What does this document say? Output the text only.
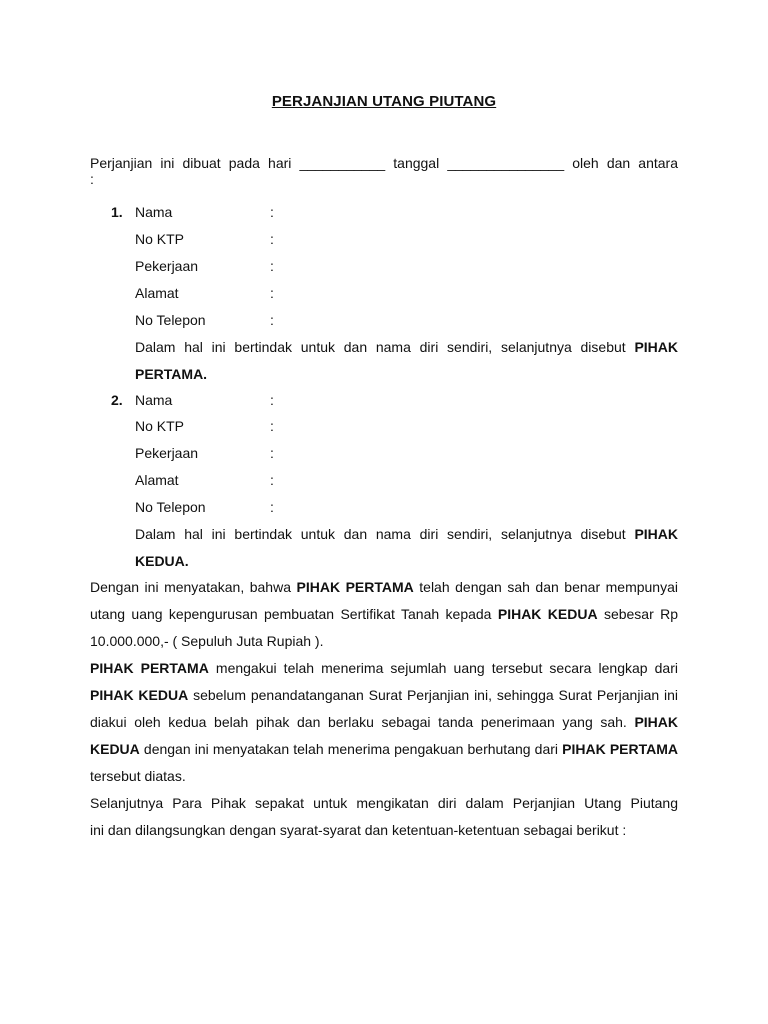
PERJANJIAN UTANG PIUTANG
Perjanjian ini dibuat pada hari ___________ tanggal _______________ oleh dan antara
:
1. Nama	:
No KTP	:
Pekerjaan	:
Alamat	:
No Telepon	:
Dalam hal ini bertindak untuk dan nama diri sendiri, selanjutnya disebut PIHAK PERTAMA.
2. Nama	:
No KTP	:
Pekerjaan	:
Alamat	:
No Telepon	:
Dalam hal ini bertindak untuk dan nama diri sendiri, selanjutnya disebut PIHAK KEDUA.
Dengan ini menyatakan, bahwa PIHAK PERTAMA telah dengan sah dan benar mempunyai utang uang kepengurusan pembuatan Sertifikat Tanah kepada PIHAK KEDUA sebesar Rp 10.000.000,- ( Sepuluh Juta Rupiah ).
PIHAK PERTAMA mengakui telah menerima sejumlah uang tersebut secara lengkap dari PIHAK KEDUA sebelum penandatanganan Surat Perjanjian ini, sehingga Surat Perjanjian ini diakui oleh kedua belah pihak dan berlaku sebagai tanda penerimaan yang sah. PIHAK KEDUA dengan ini menyatakan telah menerima pengakuan berhutang dari PIHAK PERTAMA tersebut diatas.
Selanjutnya Para Pihak sepakat untuk mengikatan diri dalam Perjanjian Utang Piutang
ini dan dilangsungkan dengan syarat-syarat dan ketentuan-ketentuan sebagai berikut :
